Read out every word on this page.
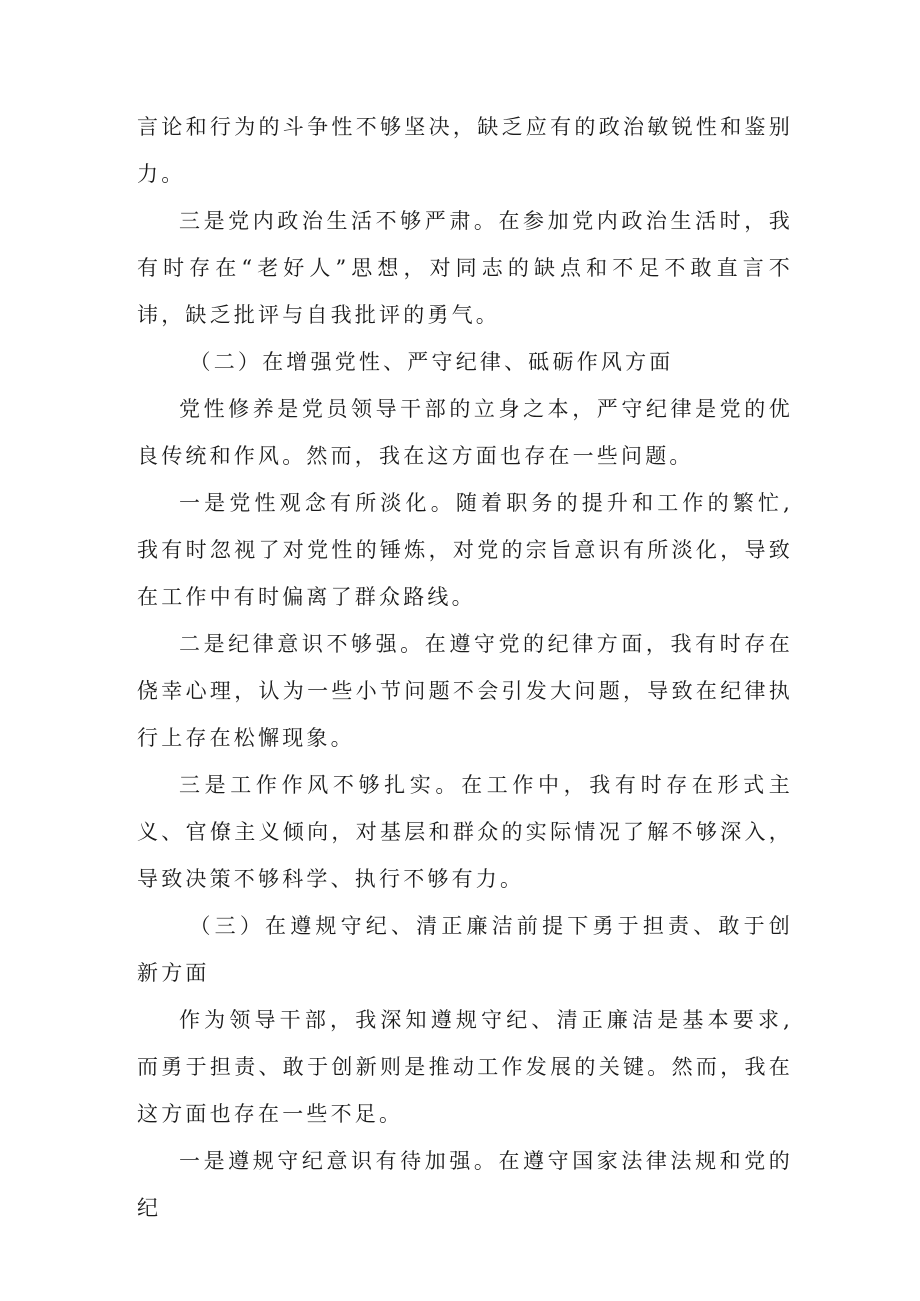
言论和行为的斗争性不够坚决，缺乏应有的政治敏锐性和鉴别力。

三是党内政治生活不够严肃。在参加党内政治生活时，我有时存在“老好人”思想，对同志的缺点和不足不敢直言不讳，缺乏批评与自我批评的勇气。

（二）在增强党性、严守纪律、砥砺作风方面

党性修养是党员领导干部的立身之本，严守纪律是党的优良传统和作风。然而，我在这方面也存在一些问题。

一是党性观念有所淡化。随着职务的提升和工作的繁忙,我有时忽视了对党性的锤炼，对党的宗旨意识有所淡化，导致在工作中有时偏离了群众路线。

二是纪律意识不够强。在遵守党的纪律方面，我有时存在侥幸心理，认为一些小节问题不会引发大问题，导致在纪律执行上存在松懈现象。

三是工作作风不够扎实。在工作中，我有时存在形式主义、官僚主义倾向，对基层和群众的实际情况了解不够深入，导致决策不够科学、执行不够有力。

（三）在遵规守纪、清正廉洁前提下勇于担责、敢于创新方面

作为领导干部，我深知遵规守纪、清正廉洁是基本要求,而勇于担责、敢于创新则是推动工作发展的关键。然而，我在这方面也存在一些不足。

一是遵规守纪意识有待加强。在遵守国家法律法规和党的纪
